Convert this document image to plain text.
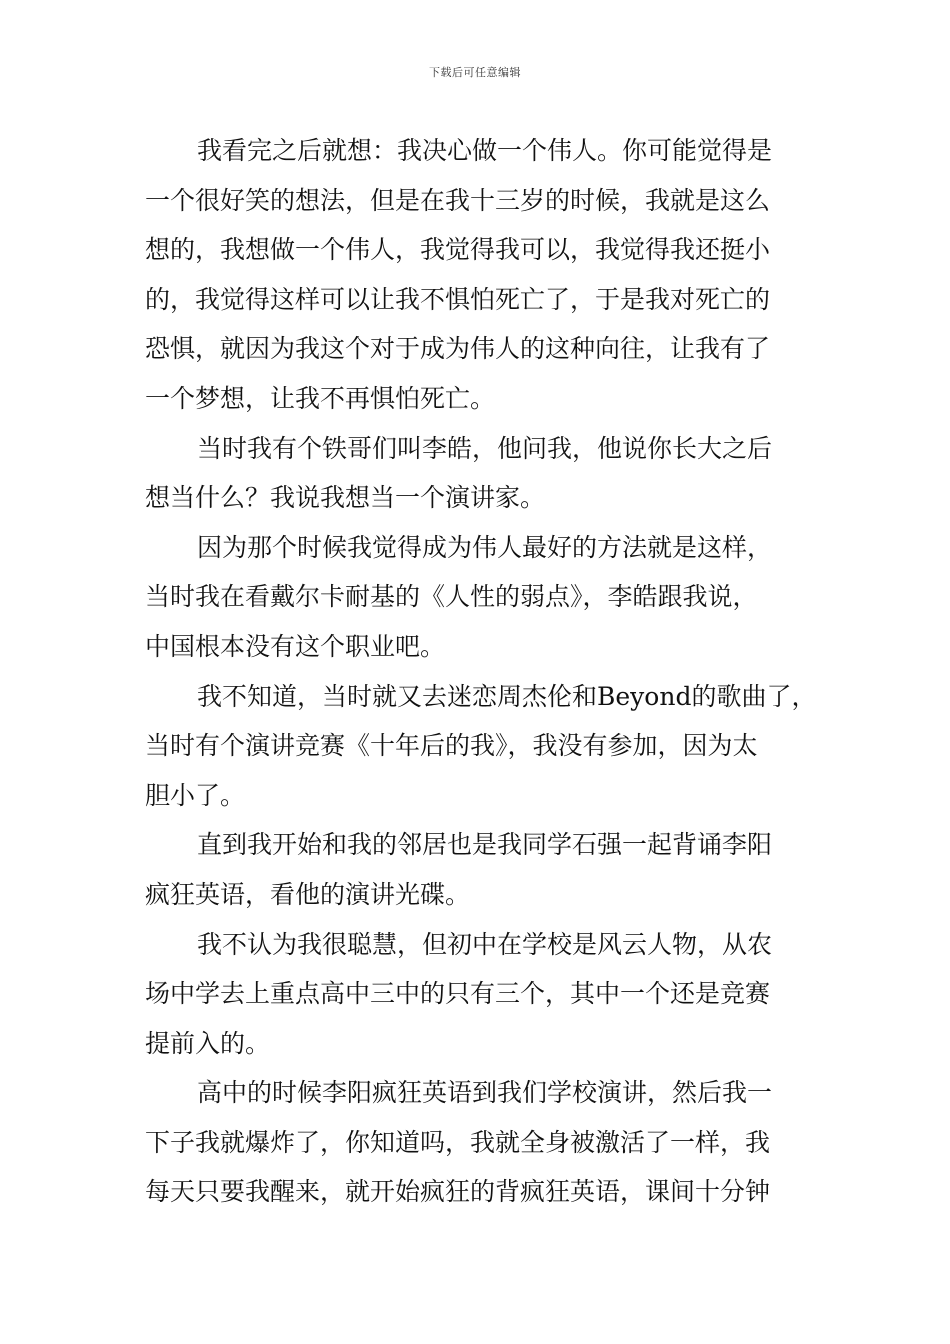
下载后可任意编辑
我看完之后就想：我决心做一个伟人。你可能觉得是
一个很好笑的想法，但是在我十三岁的时候，我就是这么
想的，我想做一个伟人，我觉得我可以，我觉得我还挺小
的，我觉得这样可以让我不惧怕死亡了，于是我对死亡的
恐惧，就因为我这个对于成为伟人的这种向往，让我有了
一个梦想，让我不再惧怕死亡。
当时我有个铁哥们叫李皓，他问我，他说你长大之后
想当什么？我说我想当一个演讲家。
因为那个时候我觉得成为伟人最好的方法就是这样，
当时我在看戴尔卡耐基的《人性的弱点》，李皓跟我说，
中国根本没有这个职业吧。
我不知道，当时就又去迷恋周杰伦和Beyond的歌曲了，
当时有个演讲竞赛《十年后的我》，我没有参加，因为太
胆小了。
直到我开始和我的邻居也是我同学石强一起背诵李阳
疯狂英语，看他的演讲光碟。
我不认为我很聪慧，但初中在学校是风云人物，从农
场中学去上重点高中三中的只有三个，其中一个还是竞赛
提前入的。
高中的时候李阳疯狂英语到我们学校演讲，然后我一
下子我就爆炸了，你知道吗，我就全身被激活了一样，我
每天只要我醒来，就开始疯狂的背疯狂英语，课间十分钟
